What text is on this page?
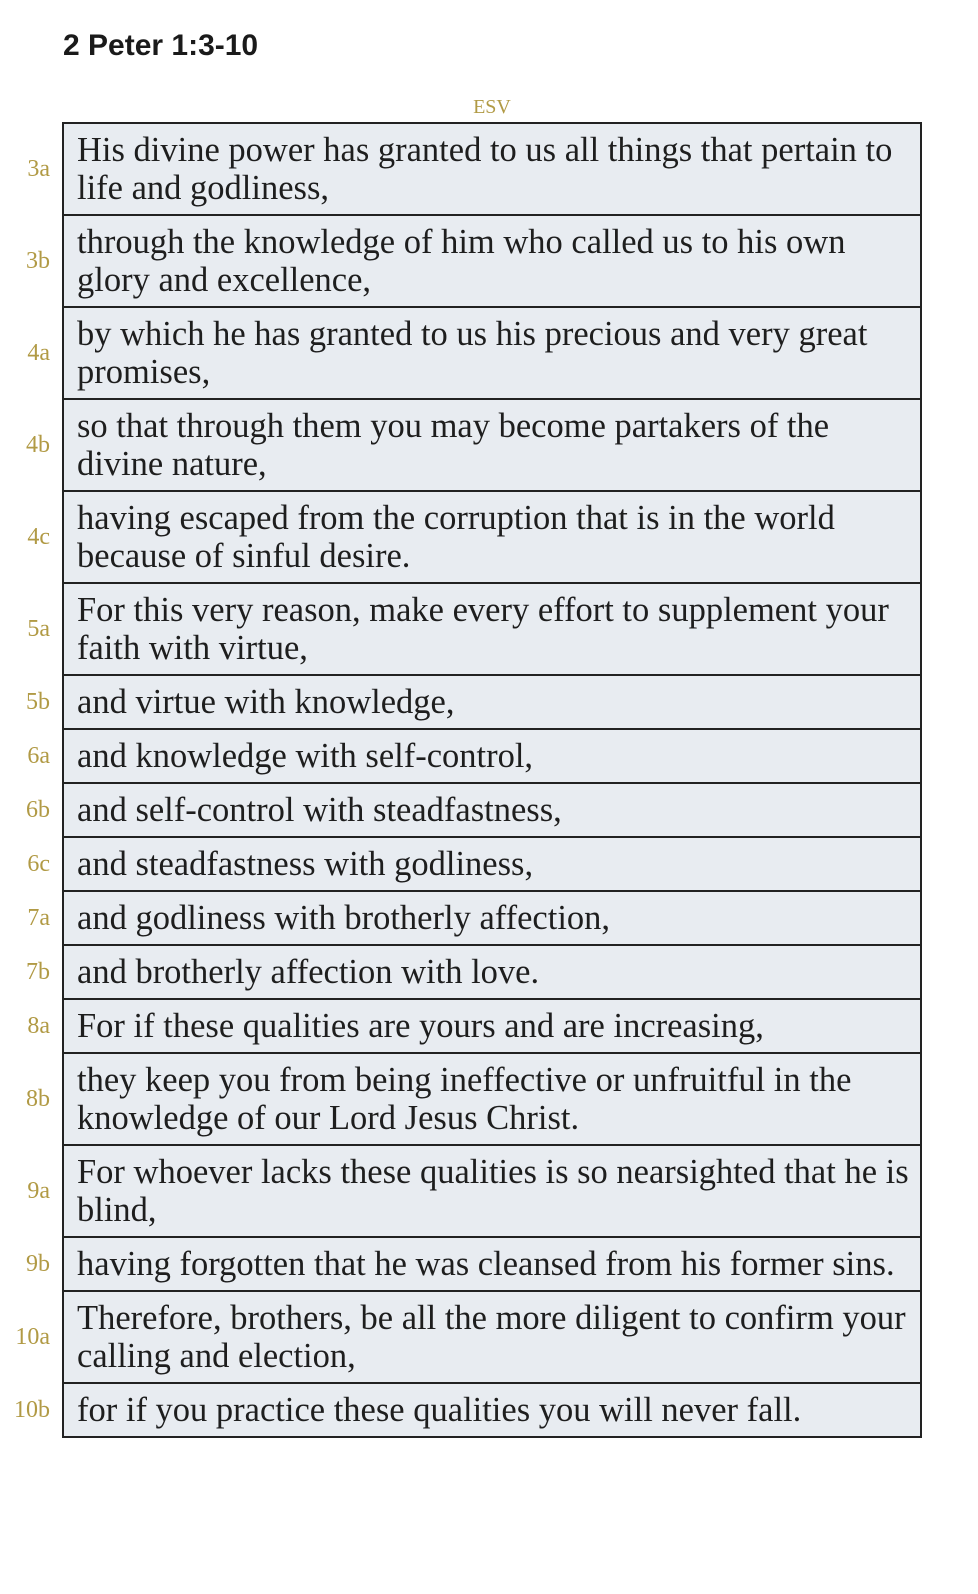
2 Peter 1:3-10
ESV
3a His divine power has granted to us all things that pertain to life and godliness,
3b through the knowledge of him who called us to his own glory and excellence,
4a by which he has granted to us his precious and very great promises,
4b so that through them you may become partakers of the divine nature,
4c having escaped from the corruption that is in the world because of sinful desire.
5a For this very reason, make every effort to supplement your faith with virtue,
5b and virtue with knowledge,
6a and knowledge with self-control,
6b and self-control with steadfastness,
6c and steadfastness with godliness,
7a and godliness with brotherly affection,
7b and brotherly affection with love.
8a For if these qualities are yours and are increasing,
8b they keep you from being ineffective or unfruitful in the knowledge of our Lord Jesus Christ.
9a For whoever lacks these qualities is so nearsighted that he is blind,
9b having forgotten that he was cleansed from his former sins.
10a Therefore, brothers, be all the more diligent to confirm your calling and election,
10b for if you practice these qualities you will never fall.
